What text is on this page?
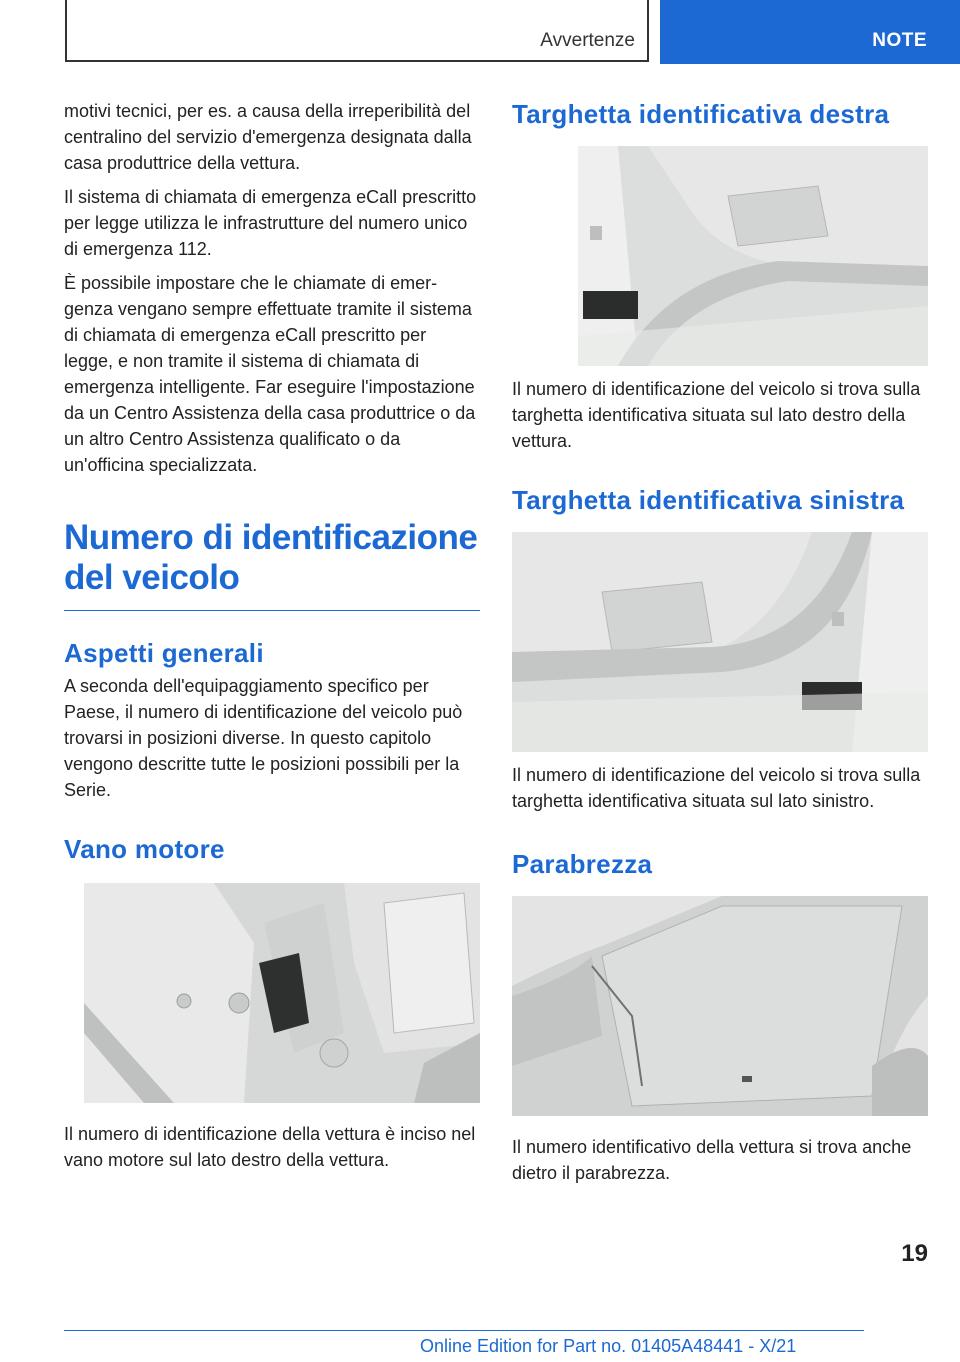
Avvertenze	NOTE

motivi tecnici, per es. a causa della irreperibilità del centralino del servizio d'emergenza designata dalla casa produttrice della vettura.

Il sistema di chiamata di emergenza eCall prescritto per legge utilizza le infrastrutture del numero unico di emergenza 112.

È possibile impostare che le chiamate di emergenza vengano sempre effettuate tramite il sistema di chiamata di emergenza eCall prescritto per legge, e non tramite il sistema di chiamata di emergenza intelligente. Far eseguire l'impostazione da un Centro Assistenza della casa produttrice o da un altro Centro Assistenza qualificato o da un'officina specializzata.

Numero di identificazione del veicolo
Aspetti generali

A seconda dell'equipaggiamento specifico per Paese, il numero di identificazione del veicolo può trovarsi in posizioni diverse. In questo capitolo vengono descritte tutte le posizioni possibili per la Serie.

Vano motore

Il numero di identificazione della vettura è inciso nel vano motore sul lato destro della vettura.

Targhetta identificativa destra

Il numero di identificazione del veicolo si trova sulla targhetta identificativa situata sul lato destro della vettura.

Targhetta identificativa sinistra

Il numero di identificazione del veicolo si trova sulla targhetta identificativa situata sul lato sinistro.

Parabrezza

Il numero identificativo della vettura si trova anche dietro il parabrezza.

19
Online Edition for Part no. 01405A48441 - X/21
